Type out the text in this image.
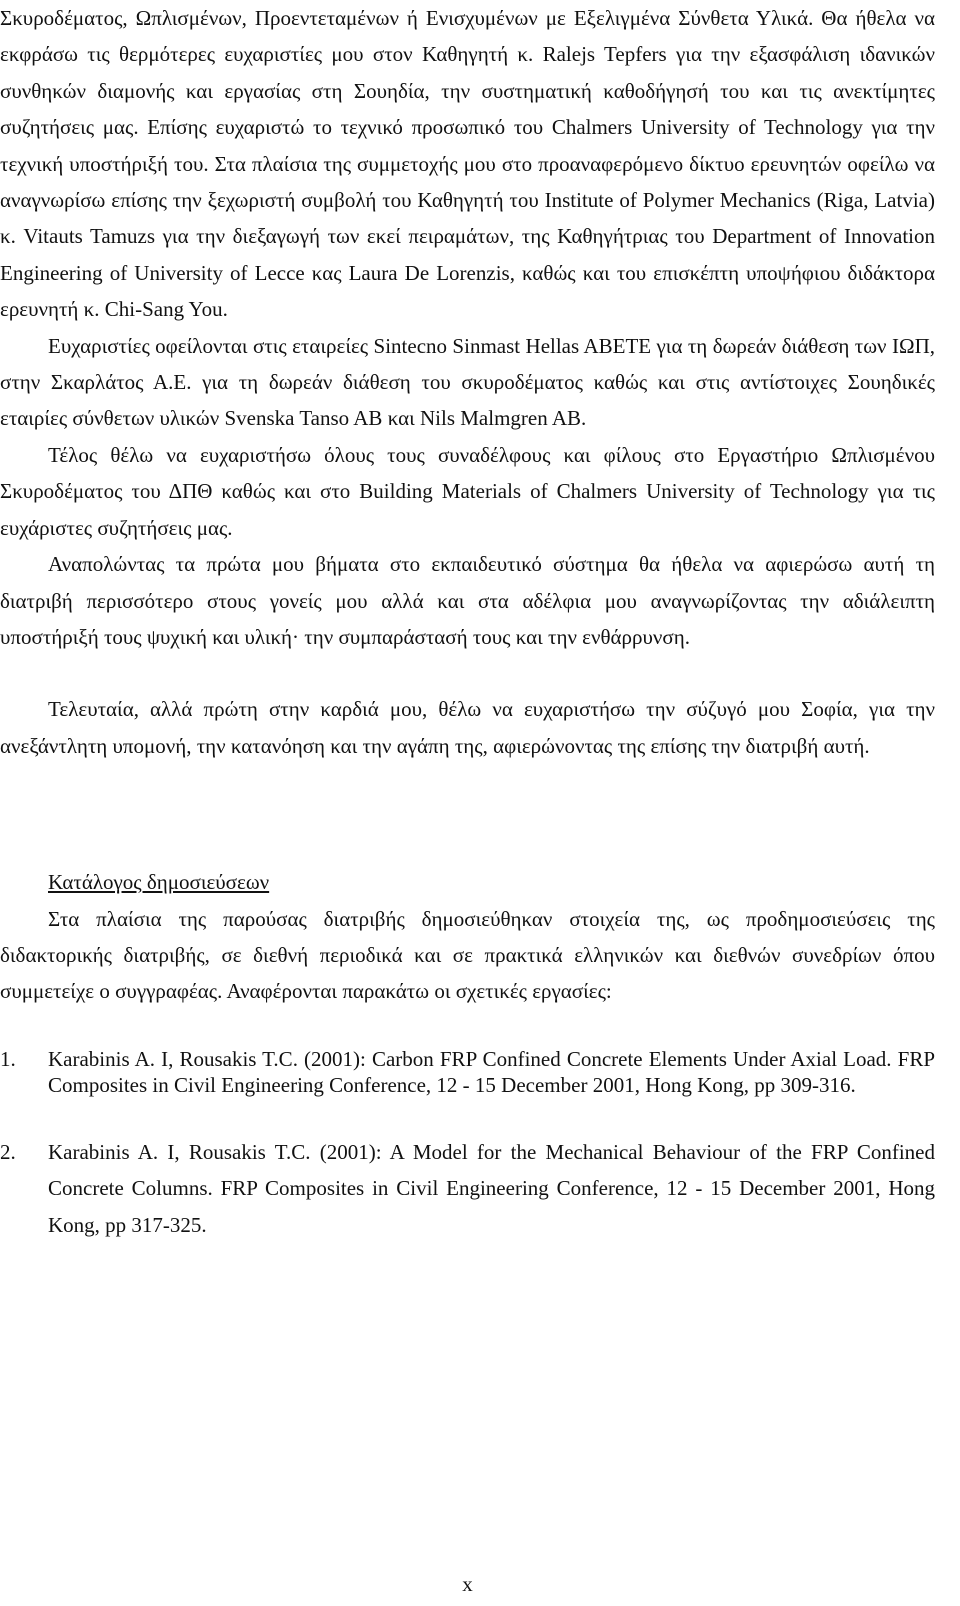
Σκυροδέματος, Ωπλισμένων, Προεντεταμένων ή Ενισχυμένων με Εξελιγμένα Σύνθετα Υλικά. Θα ήθελα να εκφράσω τις θερμότερες ευχαριστίες μου στον Καθηγητή κ. Ralejs Tepfers για την εξασφάλιση ιδανικών συνθηκών διαμονής και εργασίας στη Σουηδία, την συστηματική καθοδήγησή του και τις ανεκτίμητες συζητήσεις μας. Επίσης ευχαριστώ το τεχνικό προσωπικό του Chalmers University of Technology για την τεχνική υποστήριξή του. Στα πλαίσια της συμμετοχής μου στο προαναφερόμενο δίκτυο ερευνητών οφείλω να αναγνωρίσω επίσης την ξεχωριστή συμβολή του Καθηγητή του Institute of Polymer Mechanics (Riga, Latvia) κ. Vitauts Tamuzs για την διεξαγωγή των εκεί πειραμάτων, της Καθηγήτριας του Department of Innovation Engineering of University of Lecce κας Laura De Lorenzis, καθώς και του επισκέπτη υποψήφιου διδάκτορα ερευνητή κ. Chi-Sang You.

Ευχαριστίες οφείλονται στις εταιρείες Sintecno Sinmast Hellas ABETE για τη δωρεάν διάθεση των ΙΩΠ, στην Σκαρλάτος Α.Ε. για τη δωρεάν διάθεση του σκυροδέματος καθώς και στις αντίστοιχες Σουηδικές εταιρίες σύνθετων υλικών Svenska Tanso AB και Nils Malmgren AB.

Τέλος θέλω να ευχαριστήσω όλους τους συναδέλφους και φίλους στο Εργαστήριο Ωπλισμένου Σκυροδέματος του ΔΠΘ καθώς και στο Building Materials of Chalmers University of Technology για τις ευχάριστες συζητήσεις μας.

Αναπολώντας τα πρώτα μου βήματα στο εκπαιδευτικό σύστημα θα ήθελα να αφιερώσω αυτή τη διατριβή περισσότερο στους γονείς μου αλλά και στα αδέλφια μου αναγνωρίζοντας την αδιάλειπτη υποστήριξή τους ψυχική και υλική· την συμπαράστασή τους και την ενθάρρυνση.

Τελευταία, αλλά πρώτη στην καρδιά μου, θέλω να ευχαριστήσω την σύζυγό μου Σοφία, για την ανεξάντλητη υπομονή, την κατανόηση και την αγάπη της, αφιερώνοντας της επίσης την διατριβή αυτή.

Κατάλογος δημοσιεύσεων

Στα πλαίσια της παρούσας διατριβής δημοσιεύθηκαν στοιχεία της, ως προδημοσιεύσεις της διδακτορικής διατριβής, σε διεθνή περιοδικά και σε πρακτικά ελληνικών και διεθνών συνεδρίων όπου συμμετείχε ο συγγραφέας. Αναφέρονται παρακάτω οι σχετικές εργασίες:

1. Karabinis A. I, Rousakis T.C. (2001): Carbon FRP Confined Concrete Elements Under Axial Load. FRP Composites in Civil Engineering Conference, 12 - 15 December 2001, Hong Kong, pp 309-316.
2. Karabinis A. I, Rousakis T.C. (2001): A Model for the Mechanical Behaviour of the FRP Confined Concrete Columns. FRP Composites in Civil Engineering Conference, 12 - 15 December 2001, Hong Kong, pp 317-325.
x
